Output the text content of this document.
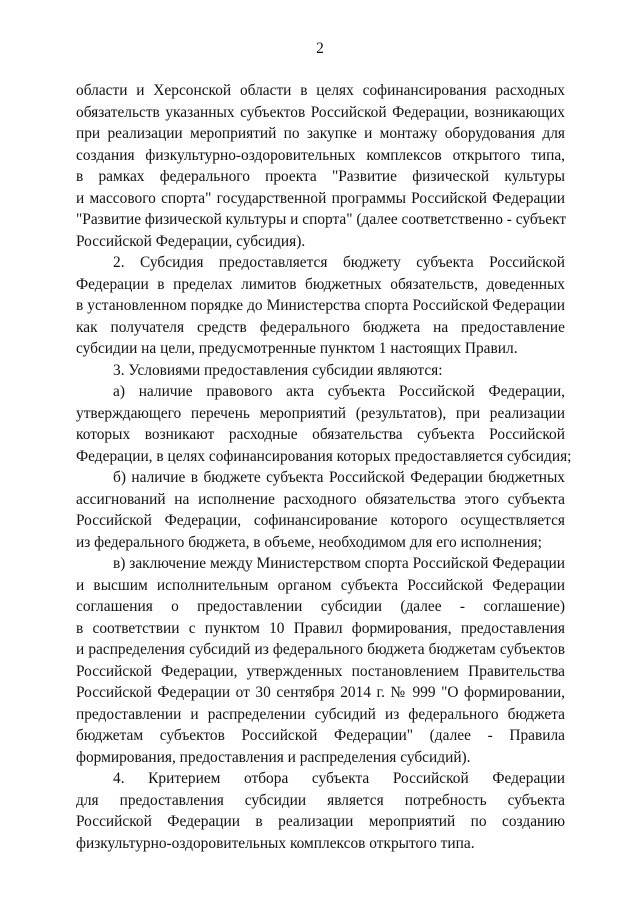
2
области и Херсонской области в целях софинансирования расходных
обязательств указанных субъектов Российской Федерации, возникающих
при реализации мероприятий по закупке и монтажу оборудования для
создания физкультурно-оздоровительных комплексов открытого типа,
в рамках федерального проекта "Развитие физической культуры
и массового спорта" государственной программы Российской Федерации
"Развитие физической культуры и спорта" (далее соответственно - субъект
Российской Федерации, субсидия).
2. Субсидия предоставляется бюджету субъекта Российской
Федерации в пределах лимитов бюджетных обязательств, доведенных
в установленном порядке до Министерства спорта Российской Федерации
как получателя средств федерального бюджета на предоставление
субсидии на цели, предусмотренные пунктом 1 настоящих Правил.
3. Условиями предоставления субсидии являются:
а) наличие правового акта субъекта Российской Федерации,
утверждающего перечень мероприятий (результатов), при реализации
которых возникают расходные обязательства субъекта Российской
Федерации, в целях софинансирования которых предоставляется субсидия;
б) наличие в бюджете субъекта Российской Федерации бюджетных
ассигнований на исполнение расходного обязательства этого субъекта
Российской Федерации, софинансирование которого осуществляется
из федерального бюджета, в объеме, необходимом для его исполнения;
в) заключение между Министерством спорта Российской Федерации
и высшим исполнительным органом субъекта Российской Федерации
соглашения о предоставлении субсидии (далее - соглашение)
в соответствии с пунктом 10 Правил формирования, предоставления
и распределения субсидий из федерального бюджета бюджетам субъектов
Российской Федерации, утвержденных постановлением Правительства
Российской Федерации от 30 сентября 2014 г. № 999 "О формировании,
предоставлении и распределении субсидий из федерального бюджета
бюджетам субъектов Российской Федерации" (далее - Правила
формирования, предоставления и распределения субсидий).
4. Критерием отбора субъекта Российской Федерации
для предоставления субсидии является потребность субъекта
Российской Федерации в реализации мероприятий по созданию
физкультурно-оздоровительных комплексов открытого типа.
